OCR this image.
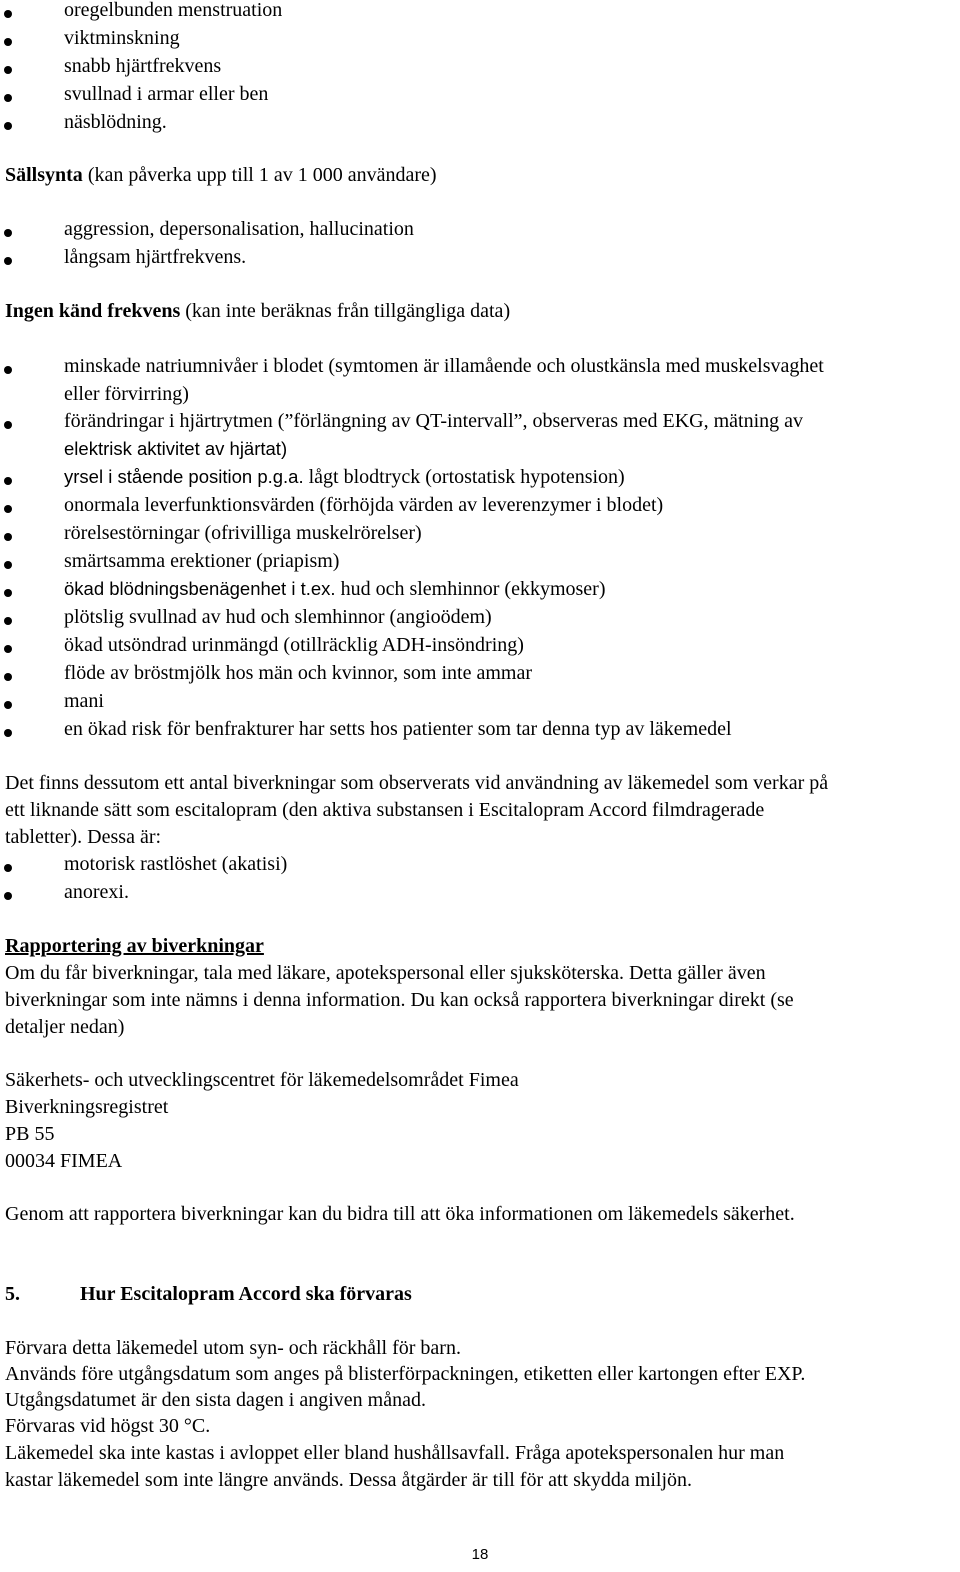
oregelbunden menstruation
viktminskning
snabb hjärtfrekvens
svullnad i armar eller ben
näsblödning.
Sällsynta (kan påverka upp till 1 av 1 000 användare)
aggression, depersonalisation, hallucination
långsam hjärtfrekvens.
Ingen känd frekvens (kan inte beräknas från tillgängliga data)
minskade natriumnivåer i blodet (symtomen är illamående och olustkänsla med muskelsvaghet
eller förvirring)
förändringar i hjärtrytmen (”förlängning av QT-intervall”, observeras med EKG, mätning av
elektrisk aktivitet av hjärtat)
yrsel i stående position p.g.a. lågt blodtryck (ortostatisk hypotension)
onormala leverfunktionsvärden (förhöjda värden av leverenzymer i blodet)
rörelsestörningar (ofrivilliga muskelrörelser)
smärtsamma erektioner (priapism)
ökad blödningsbenägenhet i t.ex. hud och slemhinnor (ekkymoser)
plötslig svullnad av hud och slemhinnor (angioödem)
ökad utsöndrad urinmängd (otillräcklig ADH-insöndring)
flöde av bröstmjölk hos män och kvinnor, som inte ammar
mani
en ökad risk för benfrakturer har setts hos patienter som tar denna typ av läkemedel
Det finns dessutom ett antal biverkningar som observerats vid användning av läkemedel som verkar på
ett liknande sätt som escitalopram (den aktiva substansen i Escitalopram Accord filmdragerade
tabletter). Dessa är:
motorisk rastlöshet (akatisi)
anorexi.
Rapportering av biverkningar
Om du får biverkningar, tala med läkare, apotekspersonal eller sjuksköterska. Detta gäller även
biverkningar som inte nämns i denna information. Du kan också rapportera biverkningar direkt (se
detaljer nedan)
Säkerhets- och utvecklingscentret för läkemedelsområdet Fimea
Biverkningsregistret
PB 55
00034 FIMEA
Genom att rapportera biverkningar kan du bidra till att öka informationen om läkemedels säkerhet.
5.	Hur Escitalopram Accord ska förvaras
Förvara detta läkemedel utom syn- och räckhåll för barn.
Används före utgångsdatum som anges på blisterförpackningen, etiketten eller kartongen efter EXP.
Utgångsdatumet är den sista dagen i angiven månad.
Förvaras vid högst 30 °C.
Läkemedel ska inte kastas i avloppet eller bland hushållsavfall. Fråga apotekspersonalen hur man
kastar läkemedel som inte längre används. Dessa åtgärder är till för att skydda miljön.
18
